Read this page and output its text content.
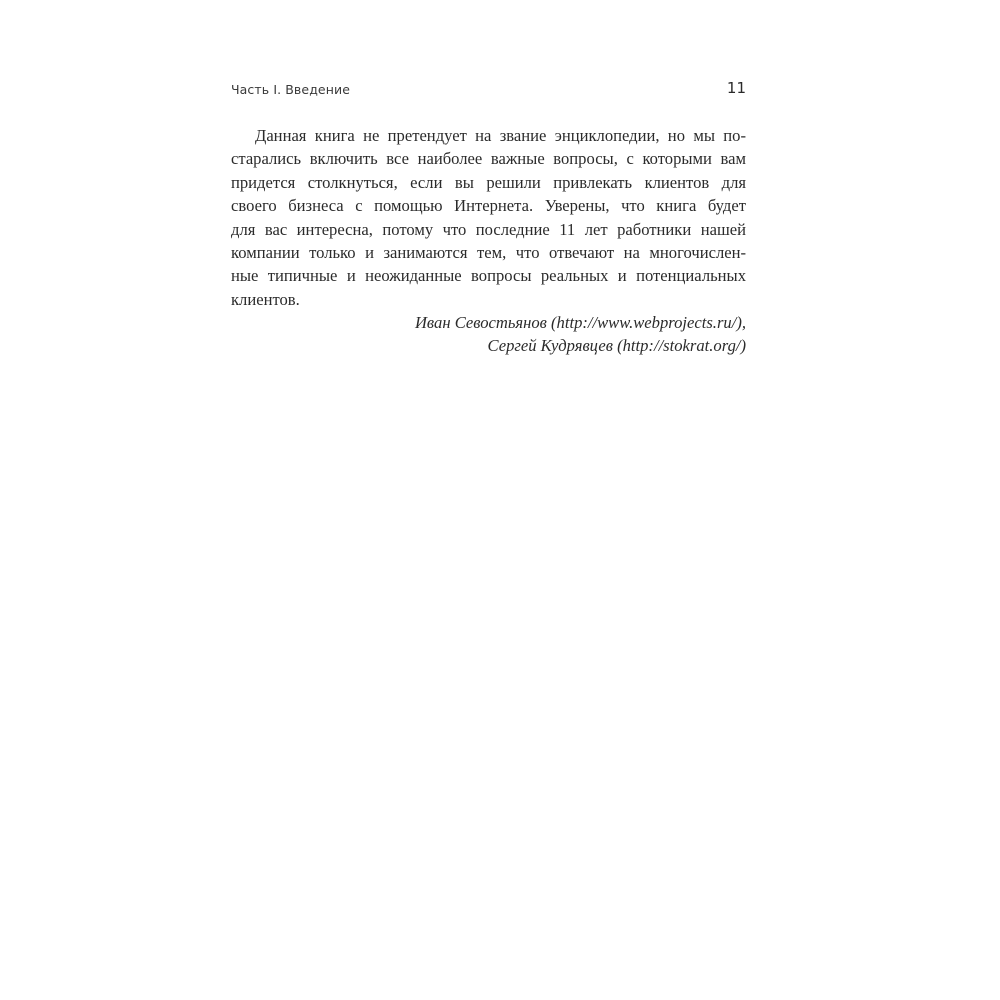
Часть I. Введение	11
Данная книга не претендует на звание энциклопедии, но мы по-
старались включить все наиболее важные вопросы, с которыми вам
придется столкнуться, если вы решили привлекать клиентов для
своего бизнеса с помощью Интернета. Уверены, что книга будет
для вас интересна, потому что последние 11 лет работники нашей
компании только и занимаются тем, что отвечают на многочислен-
ные типичные и неожиданные вопросы реальных и потенциальных
клиентов.
Иван Севостьянов (http://www.webprojects.ru/),
Сергей Кудрявцев (http://stokrat.org/)
